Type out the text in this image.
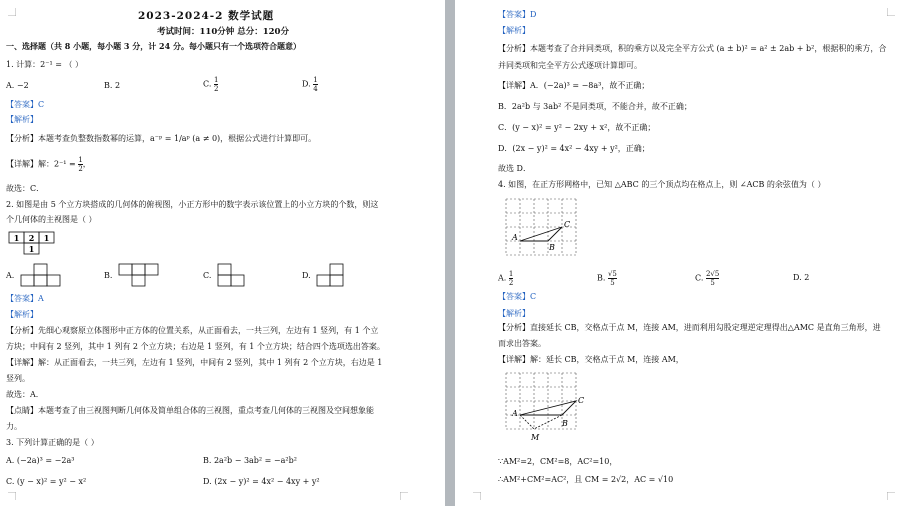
2023-2024-2 数学试题
考试时间：110分钟 总分：120分
一、选择题（共 8 小题，每小题 3 分，计 24 分。每小题只有一个选项符合题意）
1. 计算：2⁻¹ = （ ）
A. −2	B. 2	C. $\frac{1}{2}$	D. $\frac{1}{4}$
【答案】C
【解析】
【分析】本题考查负整数指数幂的运算，a⁻ᵖ = 1/aᵖ (a ≠ 0)，根据公式进行计算即可。
【详解】解：$2^{-1} = \frac{1}{2}$ ，
故选：C．
2. 如图是由 5 个立方块搭成的几何体的俯视图，小正方形中的数字表示该位置上的小立方块的个数，则这
个几何体的主视图是（ ）
1 2 1
1
A.	B.	C.	D.
【答案】A
【解析】
【分析】先细心观察原立体图形中正方体的位置关系，从正面看去，一共三列，左边有 1 竖列，有 1 个立
方块；中间有 2 竖列，其中 1 列有 2 个立方块；右边是 1 竖列，有 1 个立方块；结合四个选项选出答案。
【详解】解：从正面看去，一共三列，左边有 1 竖列，中间有 2 竖列，其中 1 列有 2 个立方块，右边是 1
竖列。
故选：A．
【点睛】本题考查了由三视图判断几何体及简单组合体的三视图，重点考查几何体的三视图及空间想象能
力。
3. 下列计算正确的是（ ）
A. (−2a)³ = −2a³	B. 2a²b − 3ab² = −a²b²
C. (y − x)² = y² − x²	D. (2x − y)² = 4x² − 4xy + y²
【答案】D
【解析】
【分析】本题考查了合并同类项，积的乘方以及完全平方公式 (a ± b)² = a² ± 2ab + b²，根据积的乘方，合
并同类项和完全平方公式逐项计算即可。
【详解】A．(−2a)³ = −8a³，故不正确；
B．2a²b 与 3ab² 不是同类项，不能合并，故不正确；
C．(y − x)² = y² − 2xy + x²，故不正确；
D．(2x − y)² = 4x² − 4xy + y²，正确；
故选 D．
4. 如图，在正方形网格中，已知 △ABC 的三个顶点均在格点上，则 ∠ACB 的余弦值为（ ）
A
B
C
A. $\frac{1}{2}$	B. $\frac{√5}{5}$	C. $\frac{2√5}{5}$	D. 2
【答案】C
【解析】
【分析】直接延长 CB，交格点于点 M，连接 AM，进而利用勾股定理逆定理得出△AMC 是直角三角形，进
而求出答案。
【详解】解：延长 CB，交格点于点 M，连接 AM，
A
B
C
M
∵AM²=2，CM²=8，AC²=10，
∴AM²+CM²=AC²，且 CM = 2√2，AC = √10
